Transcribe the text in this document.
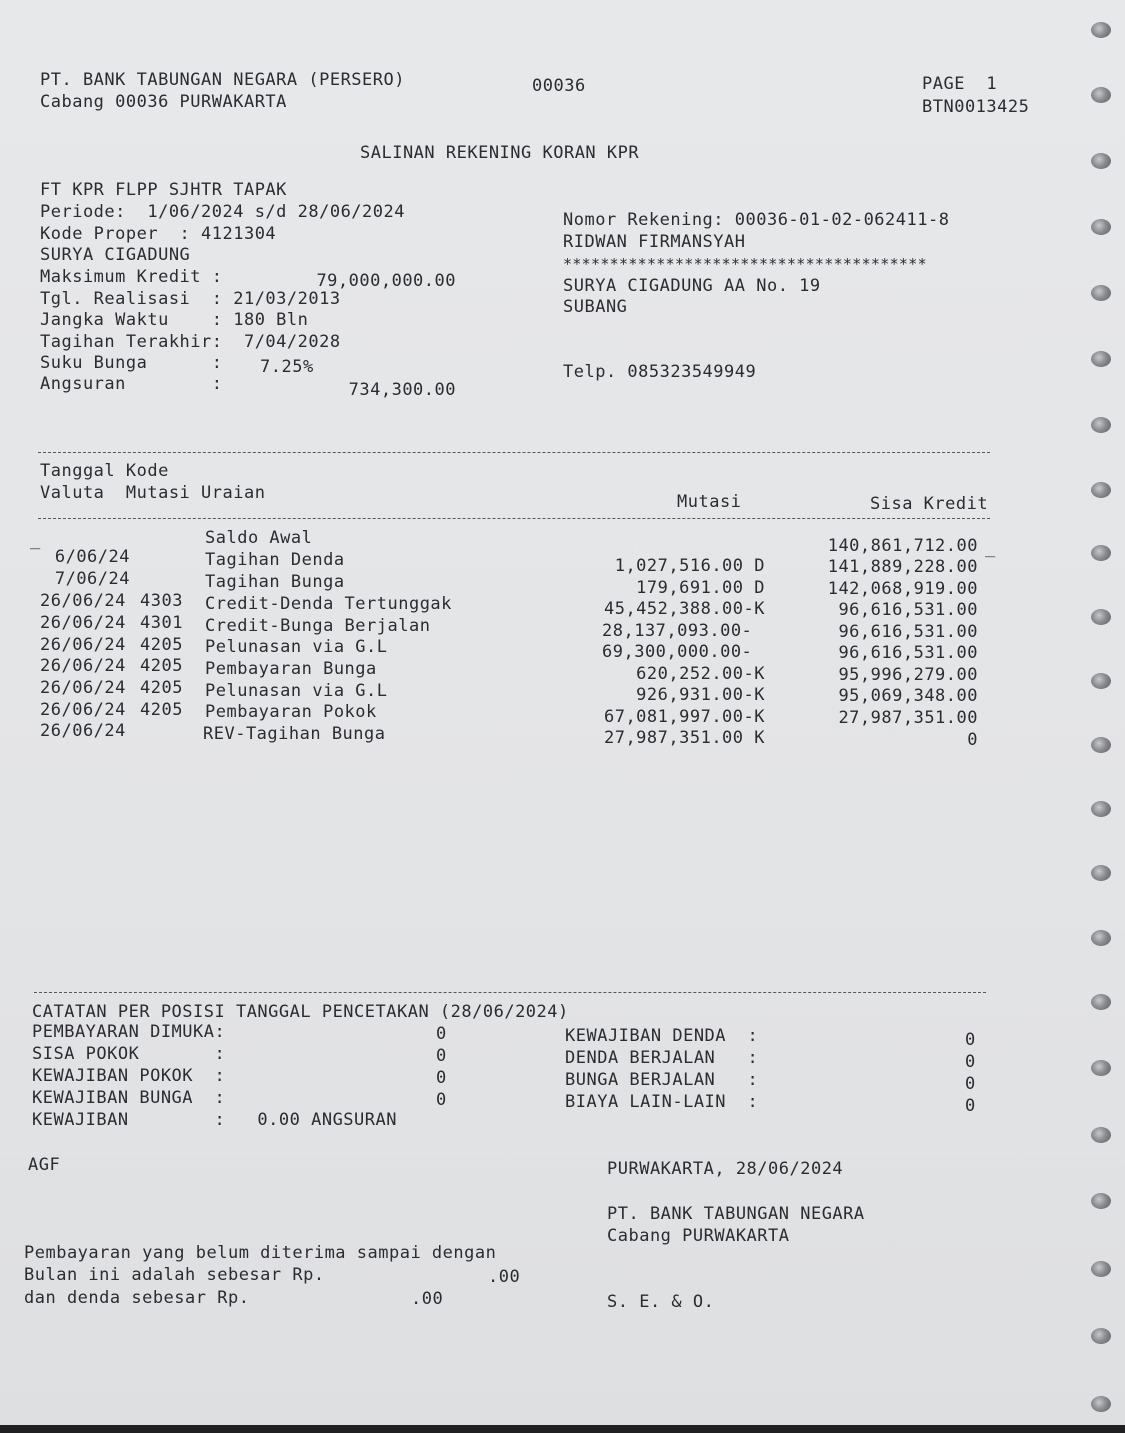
PT. BANK TABUNGAN NEGARA (PERSERO)
Cabang 00036 PURWAKARTA
00036	PAGE  1
BTN0013425
SALINAN REKENING KORAN KPR
FT KPR FLPP SJHTR TAPAK
Periode:  1/06/2024 s/d 28/06/2024
Kode Proper  : 4121304
SURYA CIGADUNG
Maksimum Kredit :	79,000,000.00
Tgl. Realisasi  : 21/03/2013
Jangka Waktu    : 180 Bln
Tagihan Terakhir:  7/04/2028
Suku Bunga      : 7.25%
Angsuran        :	734,300.00
Nomor Rekening: 00036-01-02-062411-8
RIDWAN FIRMANSYAH
***************************************
SURYA CIGADUNG AA No. 19
SUBANG
Telp. 085323549949
Tanggal Kode
Valuta  Mutasi Uraian	Mutasi	Sisa Kredit
_	_
Saldo Awal	140,861,712.00
6/06/24	Tagihan Denda	1,027,516.00 D	141,889,228.00
7/06/24	Tagihan Bunga	179,691.00 D	142,068,919.00
26/06/24 4303 Credit-Denda Tertunggak	45,452,388.00-K	96,616,531.00
26/06/24 4301 Credit-Bunga Berjalan	28,137,093.00-	96,616,531.00
26/06/24 4205 Pelunasan via G.L	69,300,000.00-	96,616,531.00
26/06/24 4205 Pembayaran Bunga	620,252.00-K	95,996,279.00
26/06/24 4205 Pelunasan via G.L	926,931.00-K	95,069,348.00
26/06/24 4205 Pembayaran Pokok	67,081,997.00-K	27,987,351.00
26/06/24	REV-Tagihan Bunga	27,987,351.00 K	0
CATATAN PER POSISI TANGGAL PENCETAKAN (28/06/2024)
PEMBAYARAN DIMUKA:	0
SISA POKOK       :	0
KEWAJIBAN POKOK  :	0
KEWAJIBAN BUNGA  :	0
KEWAJIBAN        :   0.00 ANGSURAN
KEWAJIBAN DENDA  :	0
DENDA BERJALAN   :	0
BUNGA BERJALAN   :	0
BIAYA LAIN-LAIN  :	0
AGF	PURWAKARTA, 28/06/2024
PT. BANK TABUNGAN NEGARA
Cabang PURWAKARTA
Pembayaran yang belum diterima sampai dengan
Bulan ini adalah sebesar Rp.	.00
dan denda sebesar Rp.	.00	S. E. & O.
